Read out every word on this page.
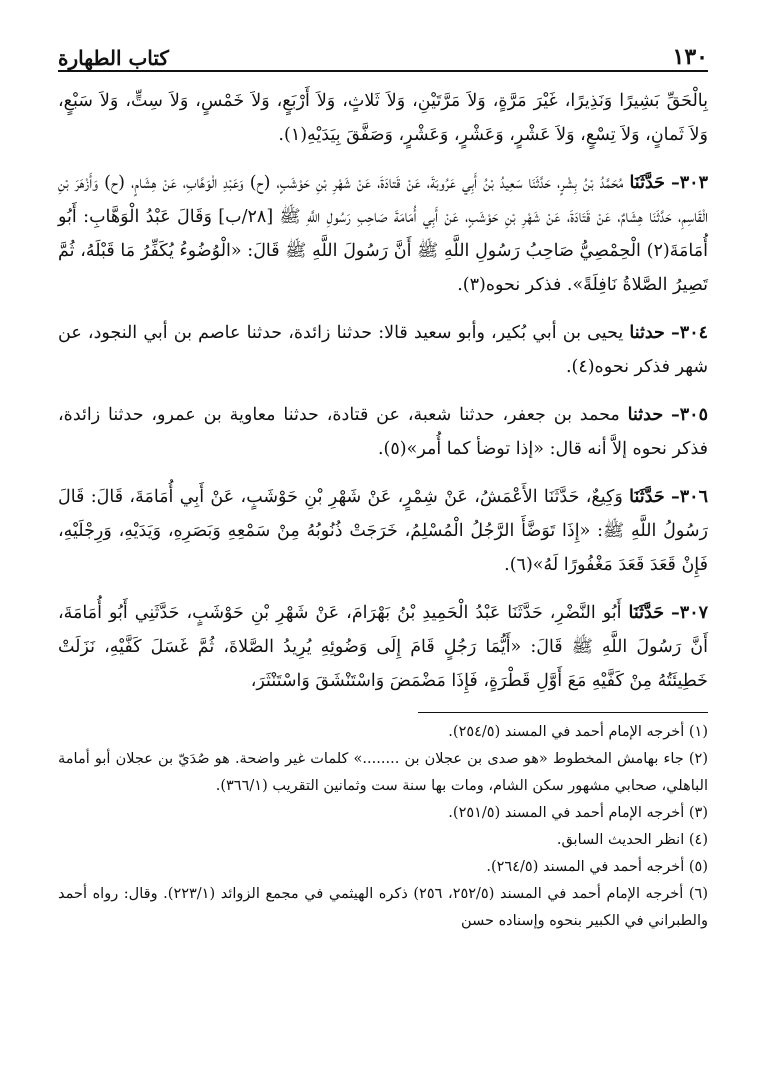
١٣٠
كتاب الطهارة

بِالْحَقِّ بَشِيرًا وَنَذِيرًا، غَيْرَ مَرَّةٍ، وَلاَ مَرَّتَيْنِ، وَلاَ ثَلاثٍ، وَلاَ أَرْبَعٍ، وَلاَ خَمْسٍ، وَلاَ سِتٍّ، وَلاَ سَبْعٍ، وَلاَ ثَمانٍ، وَلاَ تِسْعٍ، وَلاَ عَشْرٍ، وَعَشْرٍ، وَعَشْرٍ، وَصَفَّقَ بِيَدَيْهِ(١).

٣٠٣– حَدَّثَنَا مُحَمَّدُ بْنُ بِشْرٍ، حَدَّثَنَا سَعِيدُ بْنُ أَبِي عَرُوبَةَ، عَنْ قَتادَةَ، عَنْ شَهْرِ بْنِ حَوْشَبٍ، (ح) وَعَبْدِ الْوَهَّابِ، عَنْ هِشَامٍ، (ح) وَأَزْهَرَ بْنِ الْقَاسِمِ، حَدَّثَنَا هِشَامٌ، عَنْ قَتَادَةَ، عَنْ شَهْرِ بْنِ حَوْشَبٍ، عَنْ أَبِي أُمَامَةَ صَاحِبِ رَسُولِ اللَّهِ ﷺ [٢٨/ب] وَقَالَ عَبْدُ الْوَهَّابِ: أَبُو أُمَامَةَ(٢) الْحِمْصِيُّ صَاحِبُ رَسُولِ اللَّهِ ﷺ أَنَّ رَسُولَ اللَّهِ ﷺ قَالَ: «الْوُضُوءُ يُكَفِّرُ مَا قَبْلَهُ، ثُمَّ تَصِيرُ الصَّلاةُ نَافِلَةً». فذكر نحوه(٣).

٣٠٤– حدثنا يحيى بن أبي بُكير، وأبو سعيد قالا: حدثنا زائدة، حدثنا عاصم بن أبي النجود، عن شهر فذكر نحوه(٤).

٣٠٥– حدثنا محمد بن جعفر، حدثنا شعبة، عن قتادة، حدثنا معاوية بن عمرو، حدثنا زائدة، فذكر نحوه إلاَّ أنه قال: «إذا توضأ كما أُمر»(٥).

٣٠٦– حَدَّثَنَا وَكِيعٌ، حَدَّثَنَا الأَعْمَشُ، عَنْ شِمْرٍ، عَنْ شَهْرِ بْنِ حَوْشَبٍ، عَنْ أَبِي أُمَامَةَ، قَالَ: قَالَ رَسُولُ اللَّهِ ﷺ: «إِذَا تَوَضَّأَ الرَّجُلُ الْمُسْلِمُ، خَرَجَتْ ذُنُوبُهُ مِنْ سَمْعِهِ وَبَصَرِهِ، وَيَدَيْهِ، وَرِجْلَيْهِ، فَإِنْ قَعَدَ قَعَدَ مَغْفُورًا لَهُ»(٦).

٣٠٧– حَدَّثَنَا أَبُو النَّضْرِ، حَدَّثَنَا عَبْدُ الْحَمِيدِ بْنُ بَهْرَامَ، عَنْ شَهْرِ بْنِ حَوْشَبٍ، حَدَّثَنِي أَبُو أُمَامَةَ، أَنَّ رَسُولَ اللَّهِ ﷺ قَالَ: «أَيُّمَا رَجُلٍ قَامَ إِلَى وَضُوئِهِ يُرِيدُ الصَّلاةَ، ثُمَّ غَسَلَ كَفَّيْهِ، نَزَلَتْ خَطِيئَتُهُ مِنْ كَفَّيْهِ مَعَ أَوَّلِ قَطْرَةٍ، فَإِذَا مَضْمَضَ وَاسْتَنْشَقَ وَاسْتَنْثَرَ،

(١) أخرجه الإمام أحمد في المسند (٢٥٤/٥).

(٢) جاء بهامش المخطوط «هو صدى بن عجلان بن ........» كلمات غير واضحة. هو صُدَيّ بن عجلان أبو أمامة الباهلي، صحابي مشهور سكن الشام، ومات بها سنة ست وثمانين التقريب (٣٦٦/١).

(٣) أخرجه الإمام أحمد في المسند (٢٥١/٥).

(٤) انظر الحديث السابق.

(٥) أخرجه أحمد في المسند (٢٦٤/٥).

(٦) أخرجه الإمام أحمد في المسند (٢٥٢/٥، ٢٥٦) ذكره الهيثمي في مجمع الزوائد (٢٢٣/١). وقال: رواه أحمد والطبراني في الكبير بنحوه وإسناده حسن
